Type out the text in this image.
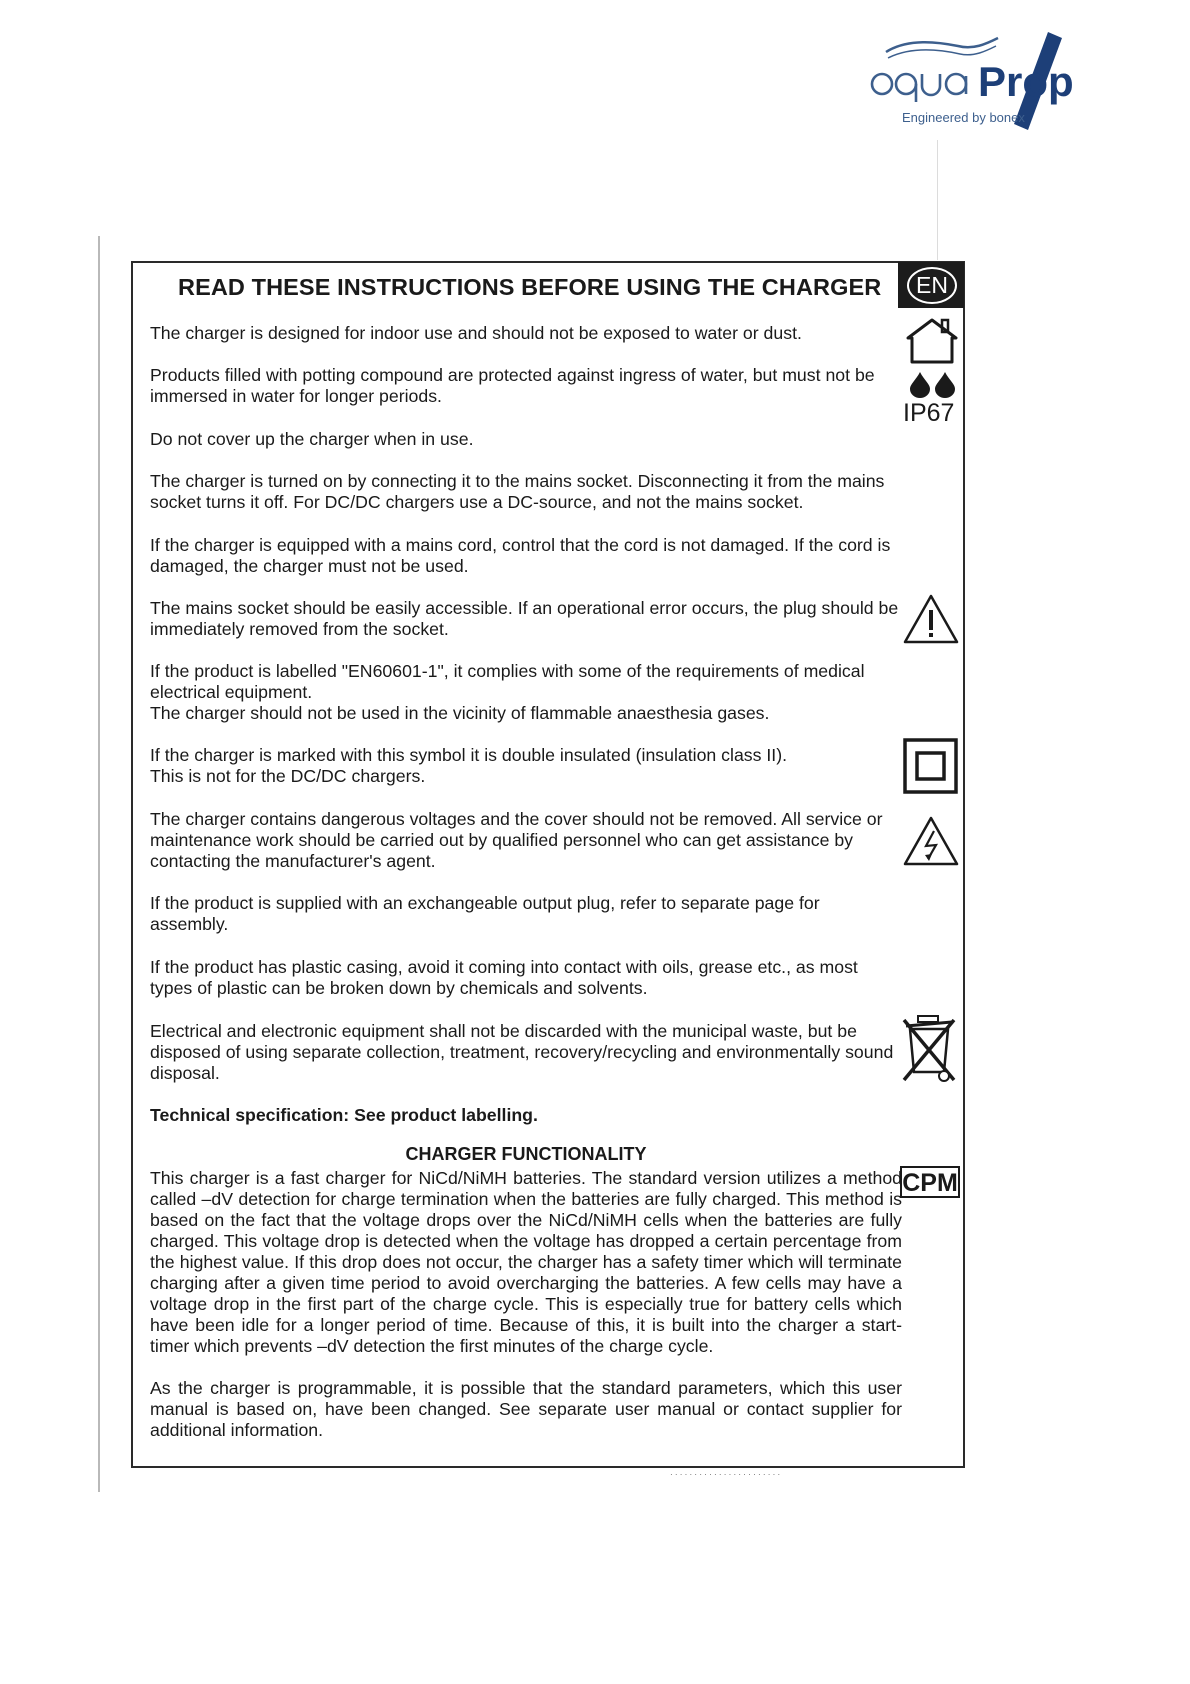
Prop
Engineered by bonex
READ THESE INSTRUCTIONS BEFORE USING THE CHARGER	EN

The charger is designed for indoor use and should not be exposed to water or dust.

Products filled with potting compound are protected against ingress of water, but must not be immersed in water for longer periods.

Do not cover up the charger when in use.

The charger is turned on by connecting it to the mains socket. Disconnecting it from the mains socket turns it off. For DC/DC chargers use a DC-source, and not the mains socket.

If the charger is equipped with a mains cord, control that the cord is not damaged. If the cord is damaged, the charger must not be used.

The mains socket should be easily accessible. If an operational error occurs, the plug should be immediately removed from the socket.

If the product is labelled "EN60601-1", it complies with some of the requirements of medical electrical equipment.

The charger should not be used in the vicinity of flammable anaesthesia gases.

If the charger is marked with this symbol it is double insulated (insulation class II).

This is not for the DC/DC chargers.

The charger contains dangerous voltages and the cover should not be removed. All service or maintenance work should be carried out by qualified personnel who can get assistance by contacting the manufacturer's agent.

If the product is supplied with an exchangeable output plug, refer to separate page for assembly.

If the product has plastic casing, avoid it coming into contact with oils, grease etc., as most types of plastic can be broken down by chemicals and solvents.

Electrical and electronic equipment shall not be discarded with the municipal waste, but be disposed of using separate collection, treatment, recovery/recycling and environmentally sound disposal.

Technical specification: See product labelling.

CHARGER FUNCTIONALITY

This charger is a fast charger for NiCd/NiMH batteries. The standard version utilizes a method called –dV detection for charge termination when the batteries are fully charged. This method is based on the fact that the voltage drops over the NiCd/NiMH cells when the batteries are fully charged. This voltage drop is detected when the voltage has dropped a certain percentage from the highest value. If this drop does not occur, the charger has a safety timer which will terminate charging after a given time period to avoid overcharging the batteries. A few cells may have a voltage drop in the first part of the charge cycle. This is especially true for battery cells which have been idle for a longer period of time. Because of this, it is built into the charger a start-timer which prevents –dV detection the first minutes of the charge cycle.

As the charger is programmable, it is possible that the standard parameters, which this user manual is based on, have been changed. See separate user manual or contact supplier for additional information.

IP67
CPM
· · · · · · · · · · · · · · · · · · · · · · ·
